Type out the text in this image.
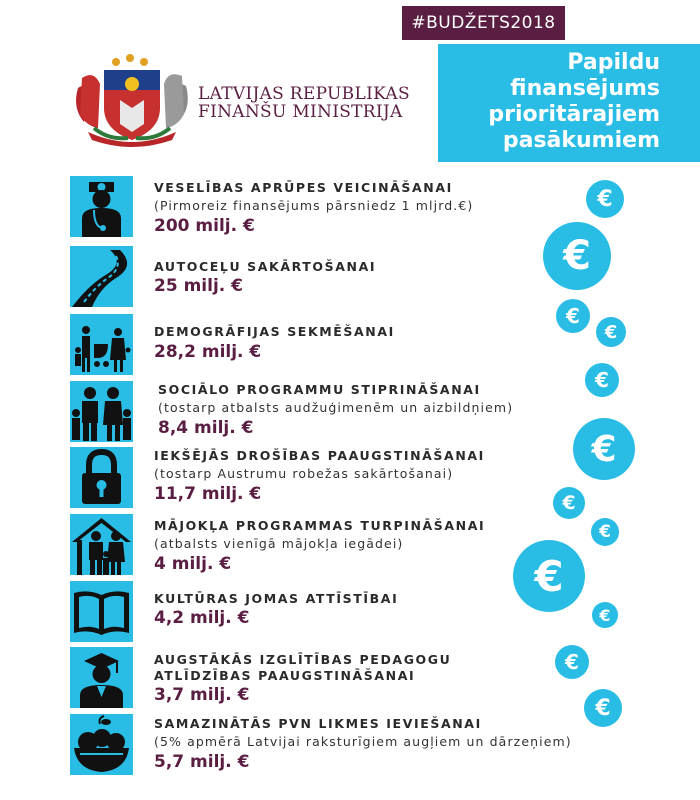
#BUDŽETS2018
Papildu
finansējums
prioritārajiem
pasākumiem
LATVIJAS REPUBLIKAS
FINANŠU MINISTRIJA
VESELĪBAS APRŪPES VEICINĀŠANAI
(Pirmoreiz finansējums pārsniedz 1 mljrd.€)
200 milj. €
AUTOCEĻU SAKĀRTOŠANAI
25 milj. €
DEMOGRĀFIJAS SEKMĒŠANAI
28,2 milj. €
SOCIĀLO PROGRAMMU STIPRINĀŠANAI
(tostarp atbalsts audžuģimenēm un aizbildņiem)
8,4 milj. €
IEKŠĒJĀS DROŠĪBAS PAAUGSTINĀŠANAI
(tostarp Austrumu robežas sakārtošanai)
11,7 milj. €
MĀJOKĻA PROGRAMMAS TURPINĀŠANAI
(atbalsts vienīgā mājokļa iegādei)
4 milj. €
KULTŪRAS JOMAS ATTĪSTĪBAI
4,2 milj. €
AUGSTĀKĀS IZGLĪTĪBAS PEDAGOGU
ATLĪDZĪBAS PAAUGSTINĀŠANAI
3,7 milj. €
SAMAZINĀTĀS PVN LIKMES IEVIEŠANAI
(5% apmērā Latvijai raksturīgiem augļiem un dārzeņiem)
5,7 milj. €
€
€
€
€
€
€
€
€
€
€
€
€
